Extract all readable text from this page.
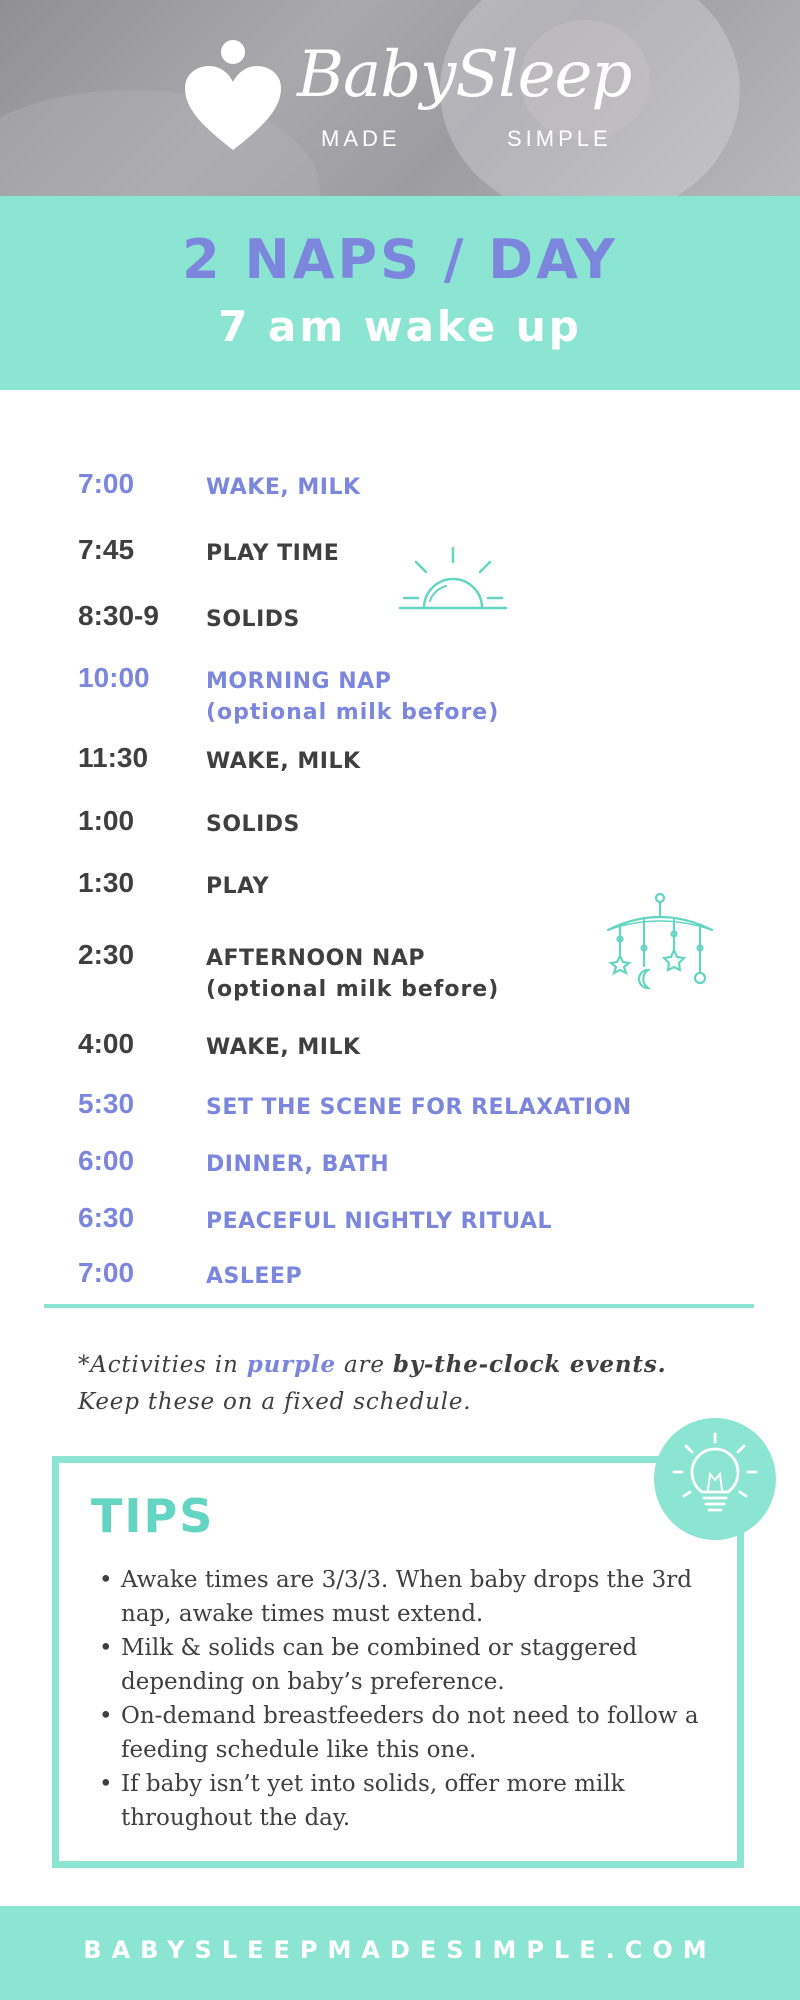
BabySleep
MADE	SIMPLE
2 NAPS / DAY
7 am wake up
7:00	WAKE, MILK
7:45	PLAY TIME
8:30-9 SOLIDS
10:00	MORNING NAP
(optional milk before)
11:30	WAKE, MILK
1:00	SOLIDS
1:30	PLAY
2:30	AFTERNOON NAP
(optional milk before)
4:00	WAKE, MILK
5:30	SET THE SCENE FOR RELAXATION
6:00	DINNER, BATH
6:30	PEACEFUL NIGHTLY RITUAL
7:00	ASLEEP
*Activities in purple are by-the-clock events.
Keep these on a fixed schedule.
TIPS
• Awake times are 3/3/3. When baby drops the 3rd nap, awake times must extend.
• Milk & solids can be combined or staggered depending on baby’s preference.
• On-demand breastfeeders do not need to follow a feeding schedule like this one.
• If baby isn’t yet into solids, offer more milk throughout the day.
BABYSLEEPMADESIMPLE.COM
